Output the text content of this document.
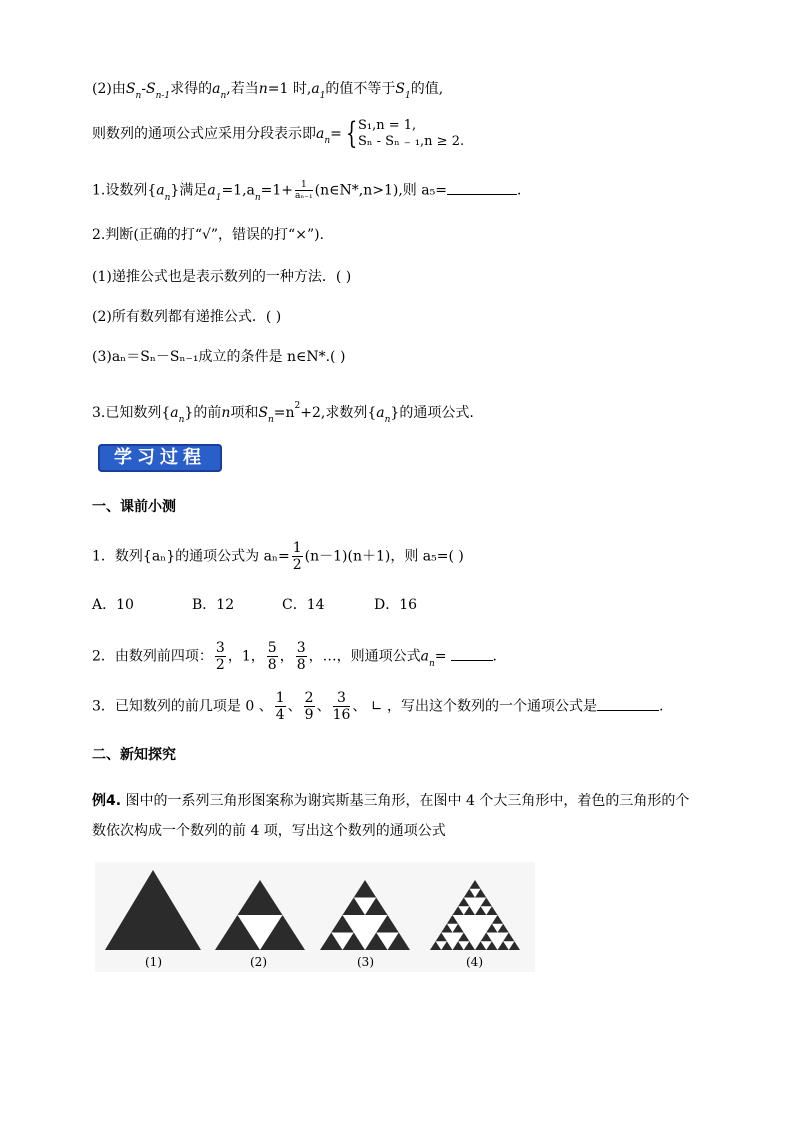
(2)由$S_n-S_{n-1}$求得的$a_n$,若当n=1 时$,a_1$的值不等于$S_1$的值,
则数列的通项公式应采用分段表示即$a_n=$ { S₁,n = 1,
Sₙ - Sₙ ₋ ₁,n ≥ 2.
1.设数列$\{a_n\}$满足$a_1=1,a_n=1+ \frac{1}{\text{aₙ₋₁}}$ (n∈N*,n>1),则 a₅=	.
2.判断(正确的打“√”，错误的打“×”).
(1)递推公式也是表示数列的一种方法．( )
(2)所有数列都有递推公式．( )
(3)aₙ＝Sₙ－Sₙ₋₁成立的条件是 n∈N*.( )
3.已知数列$\{a_n\}$的前n项和$S_n=n^2+2$,求数列$\{a_n\}$的通项公式.
学习过程
一、课前小测
1．数列{aₙ}的通项公式为 $a_n= \frac{1}{2} (n-1)(n+1)$，则 a₅=( )
A．10	B．12	C．14	D．16
2．由数列前四项： $\frac{3}{2}$ ，1， $\frac{5}{8}$ ， $\frac{3}{8}$ ，…，则通项公式$a_n=$	.
3．已知数列的前几项是 0 、 $\frac{1}{4}$ 、 $\frac{2}{9}$ 、 $\frac{3}{16}$ 、 ∟ ，写出这个数列的一个通项公式是	.
二、新知探究
例4. 图中的一系列三角形图案称为谢宾斯基三角形，在图中 4 个大三角形中，着色的三角形的个
数依次构成一个数列的前 4 项，写出这个数列的通项公式
(1)	(2)	(3)	(4)
